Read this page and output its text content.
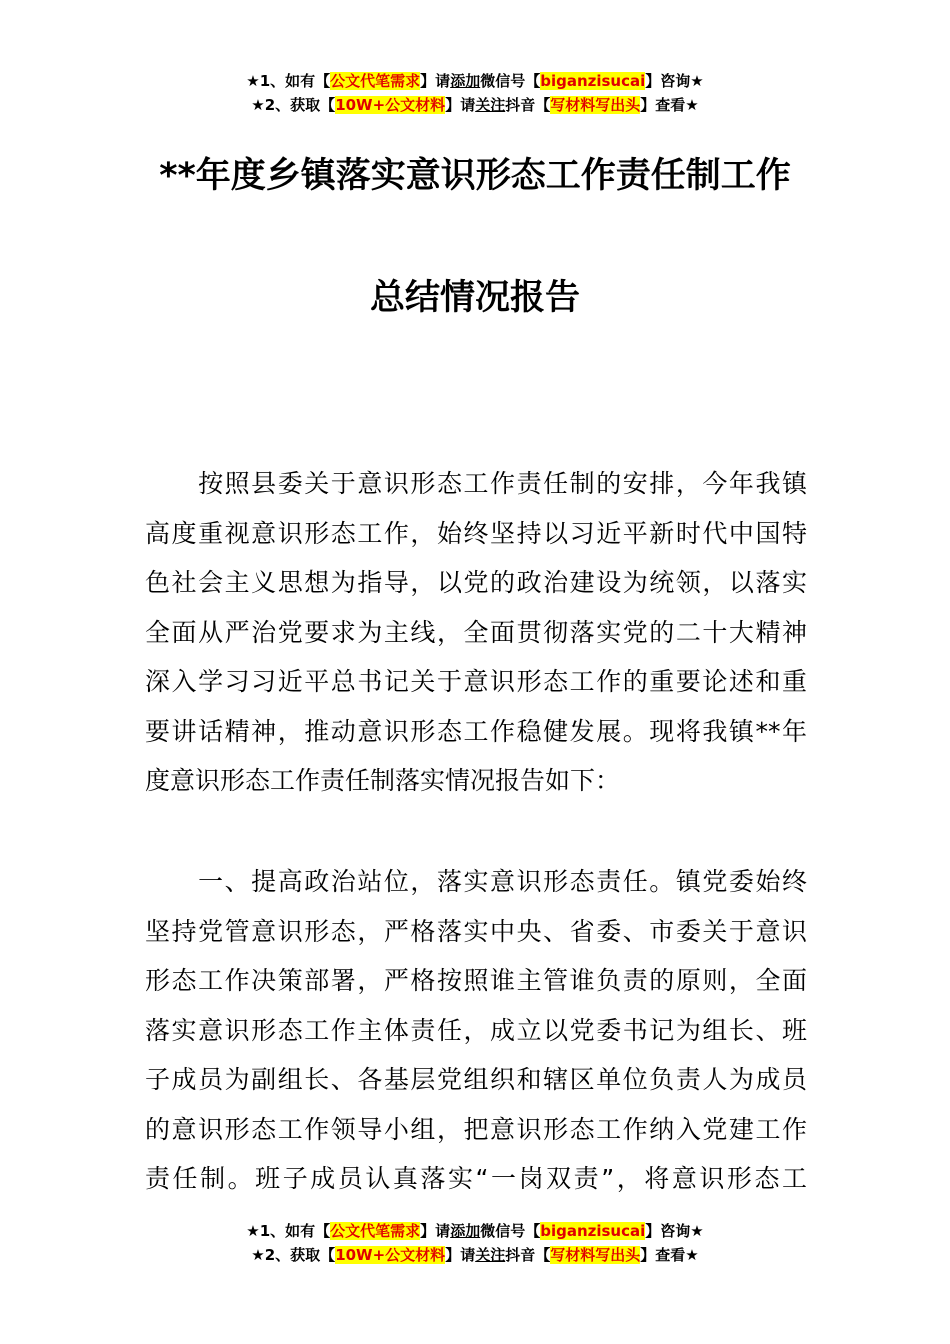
★1、如有【公文代笔需求】请添加微信号【biganzisucai】咨询★
★2、获取【10W+公文材料】请关注抖音【写材料写出头】查看★
**年度乡镇落实意识形态工作责任制工作
总结情况报告
　　按照县委关于意识形态工作责任制的安排，今年我镇
高度重视意识形态工作，始终坚持以习近平新时代中国特
色社会主义思想为指导，以党的政治建设为统领，以落实
全面从严治党要求为主线，全面贯彻落实党的二十大精神
深入学习习近平总书记关于意识形态工作的重要论述和重
要讲话精神，推动意识形态工作稳健发展。现将我镇**年
度意识形态工作责任制落实情况报告如下：
　　一、提高政治站位，落实意识形态责任。镇党委始终
坚持党管意识形态，严格落实中央、省委、市委关于意识
形态工作决策部署，严格按照谁主管谁负责的原则，全面
落实意识形态工作主体责任，成立以党委书记为组长、班
子成员为副组长、各基层党组织和辖区单位负责人为成员
的意识形态工作领导小组，把意识形态工作纳入党建工作
责任制。班子成员认真落实“一岗双责”，将意识形态工
★1、如有【公文代笔需求】请添加微信号【biganzisucai】咨询★
★2、获取【10W+公文材料】请关注抖音【写材料写出头】查看★
